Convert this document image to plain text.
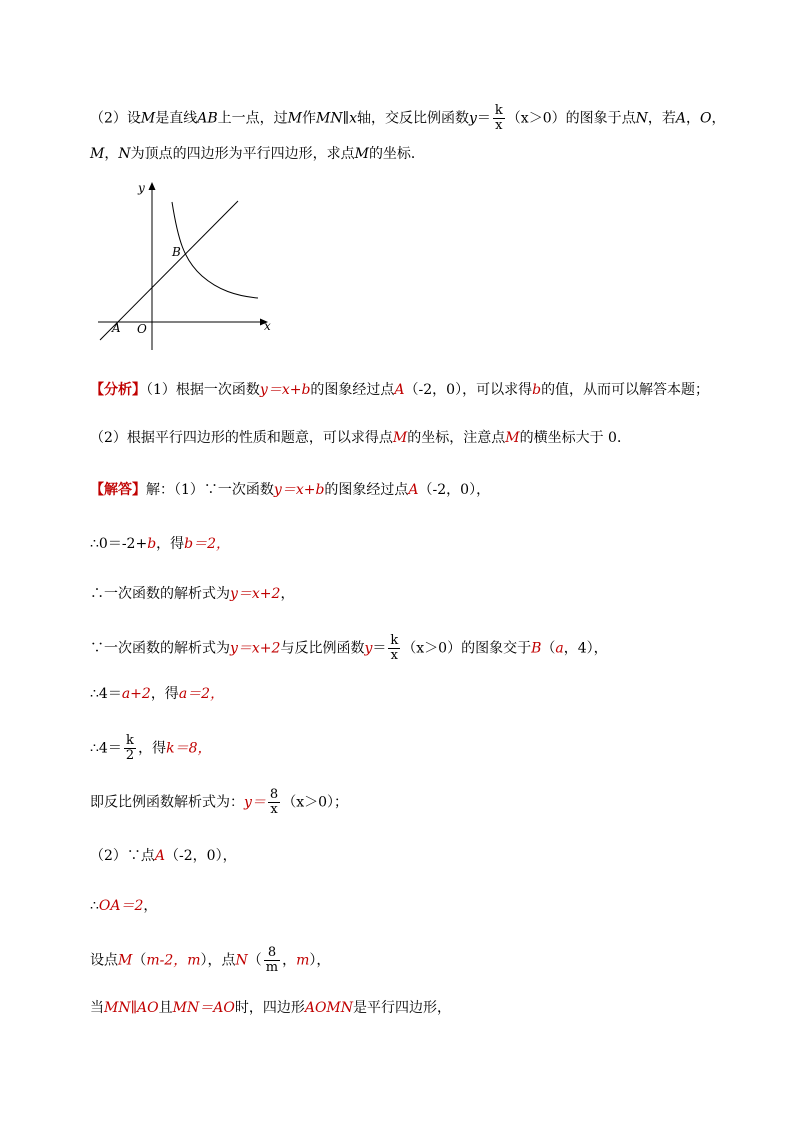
（2）设M是直线AB上一点，过M作MN∥x轴，交反比例函数$y= \frac{k}{x} (x>0)$的图象于点N，若A，O，
M，N为顶点的四边形为平行四边形，求点M的坐标．
y
x
B
A O
【分析】（1）根据一次函数y＝x+b的图象经过点A（-2，0），可以求得b的值，从而可以解答本题；
（2）根据平行四边形的性质和题意，可以求得点M的坐标，注意点M的横坐标大于 0．
【解答】解：（1）∵一次函数y＝x+b的图象经过点A（-2，0），
∴0＝-2+b，得b＝2，
∴一次函数的解析式为y＝x+2，
∵一次函数的解析式为y＝x+2与反比例函数$y= \frac{k}{x} (x>0)$的图象交于B（a，4），
∴4＝a+2，得a＝2，
∴4＝ $\frac{k}{2}$ ，得k＝8，
即反比例函数解析式为：$y= \frac{8}{x} (x>0)$；
（2）∵点A（-2，0），
∴OA＝2，
设点M（m-2，m），点$N( \frac{8}{m}$ ，m），
当MN∥AO且MN＝AO时，四边形AOMN是平行四边形，
